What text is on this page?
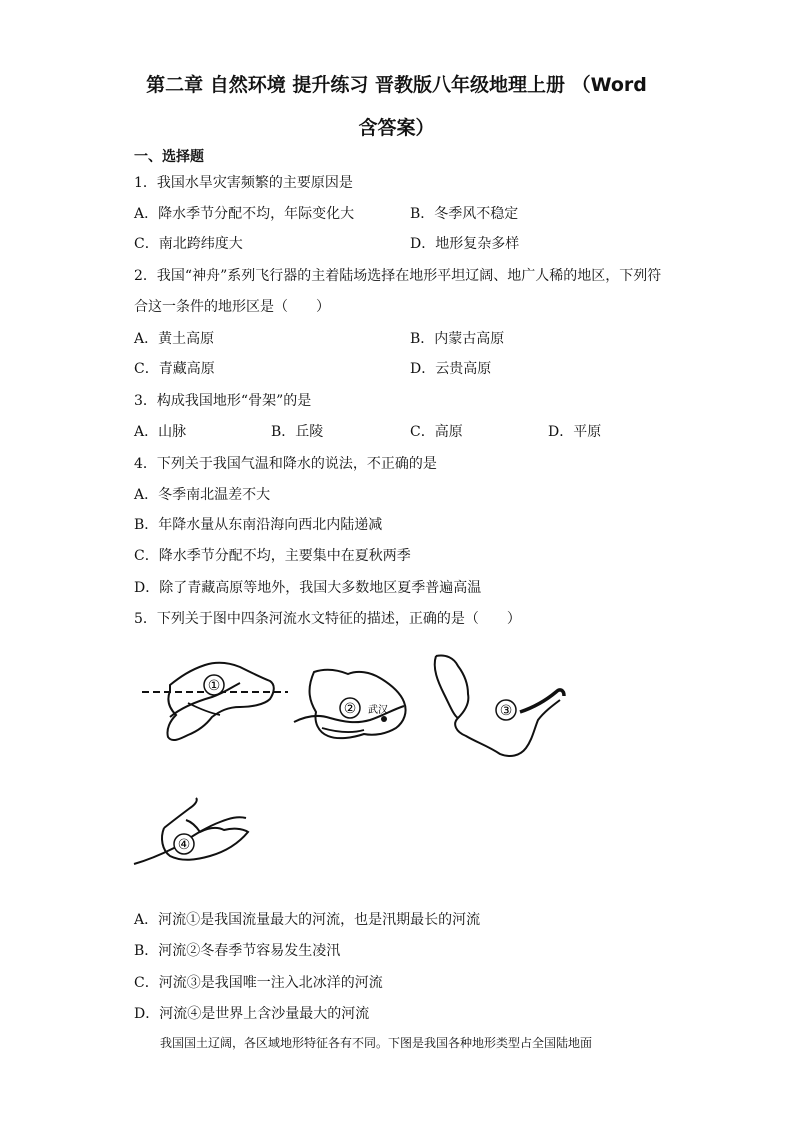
第二章 自然环境 提升练习 晋教版八年级地理上册 （Word
含答案）
一、选择题
1．我国水旱灾害频繁的主要原因是
A．降水季节分配不均，年际变化大	B．冬季风不稳定
C．南北跨纬度大	D．地形复杂多样
2．我国“神舟”系列飞行器的主着陆场选择在地形平坦辽阔、地广人稀的地区，下列符
合这一条件的地形区是（　　）
A．黄土高原	B．内蒙古高原
C．青藏高原	D．云贵高原
3．构成我国地形“骨架”的是
A．山脉	B．丘陵	C．高原	D．平原
4．下列关于我国气温和降水的说法，不正确的是
A．冬季南北温差不大
B．年降水量从东南沿海向西北内陆递减
C．降水季节分配不均，主要集中在夏秋两季
D．除了青藏高原等地外，我国大多数地区夏季普遍高温
5．下列关于图中四条河流水文特征的描述，正确的是（　　）
①
② 武汉	③
④
A．河流①是我国流量最大的河流，也是汛期最长的河流
B．河流②冬春季节容易发生凌汛
C．河流③是我国唯一注入北冰洋的河流
D．河流④是世界上含沙量最大的河流
我国国土辽阔，各区域地形特征各有不同。下图是我国各种地形类型占全国陆地面
